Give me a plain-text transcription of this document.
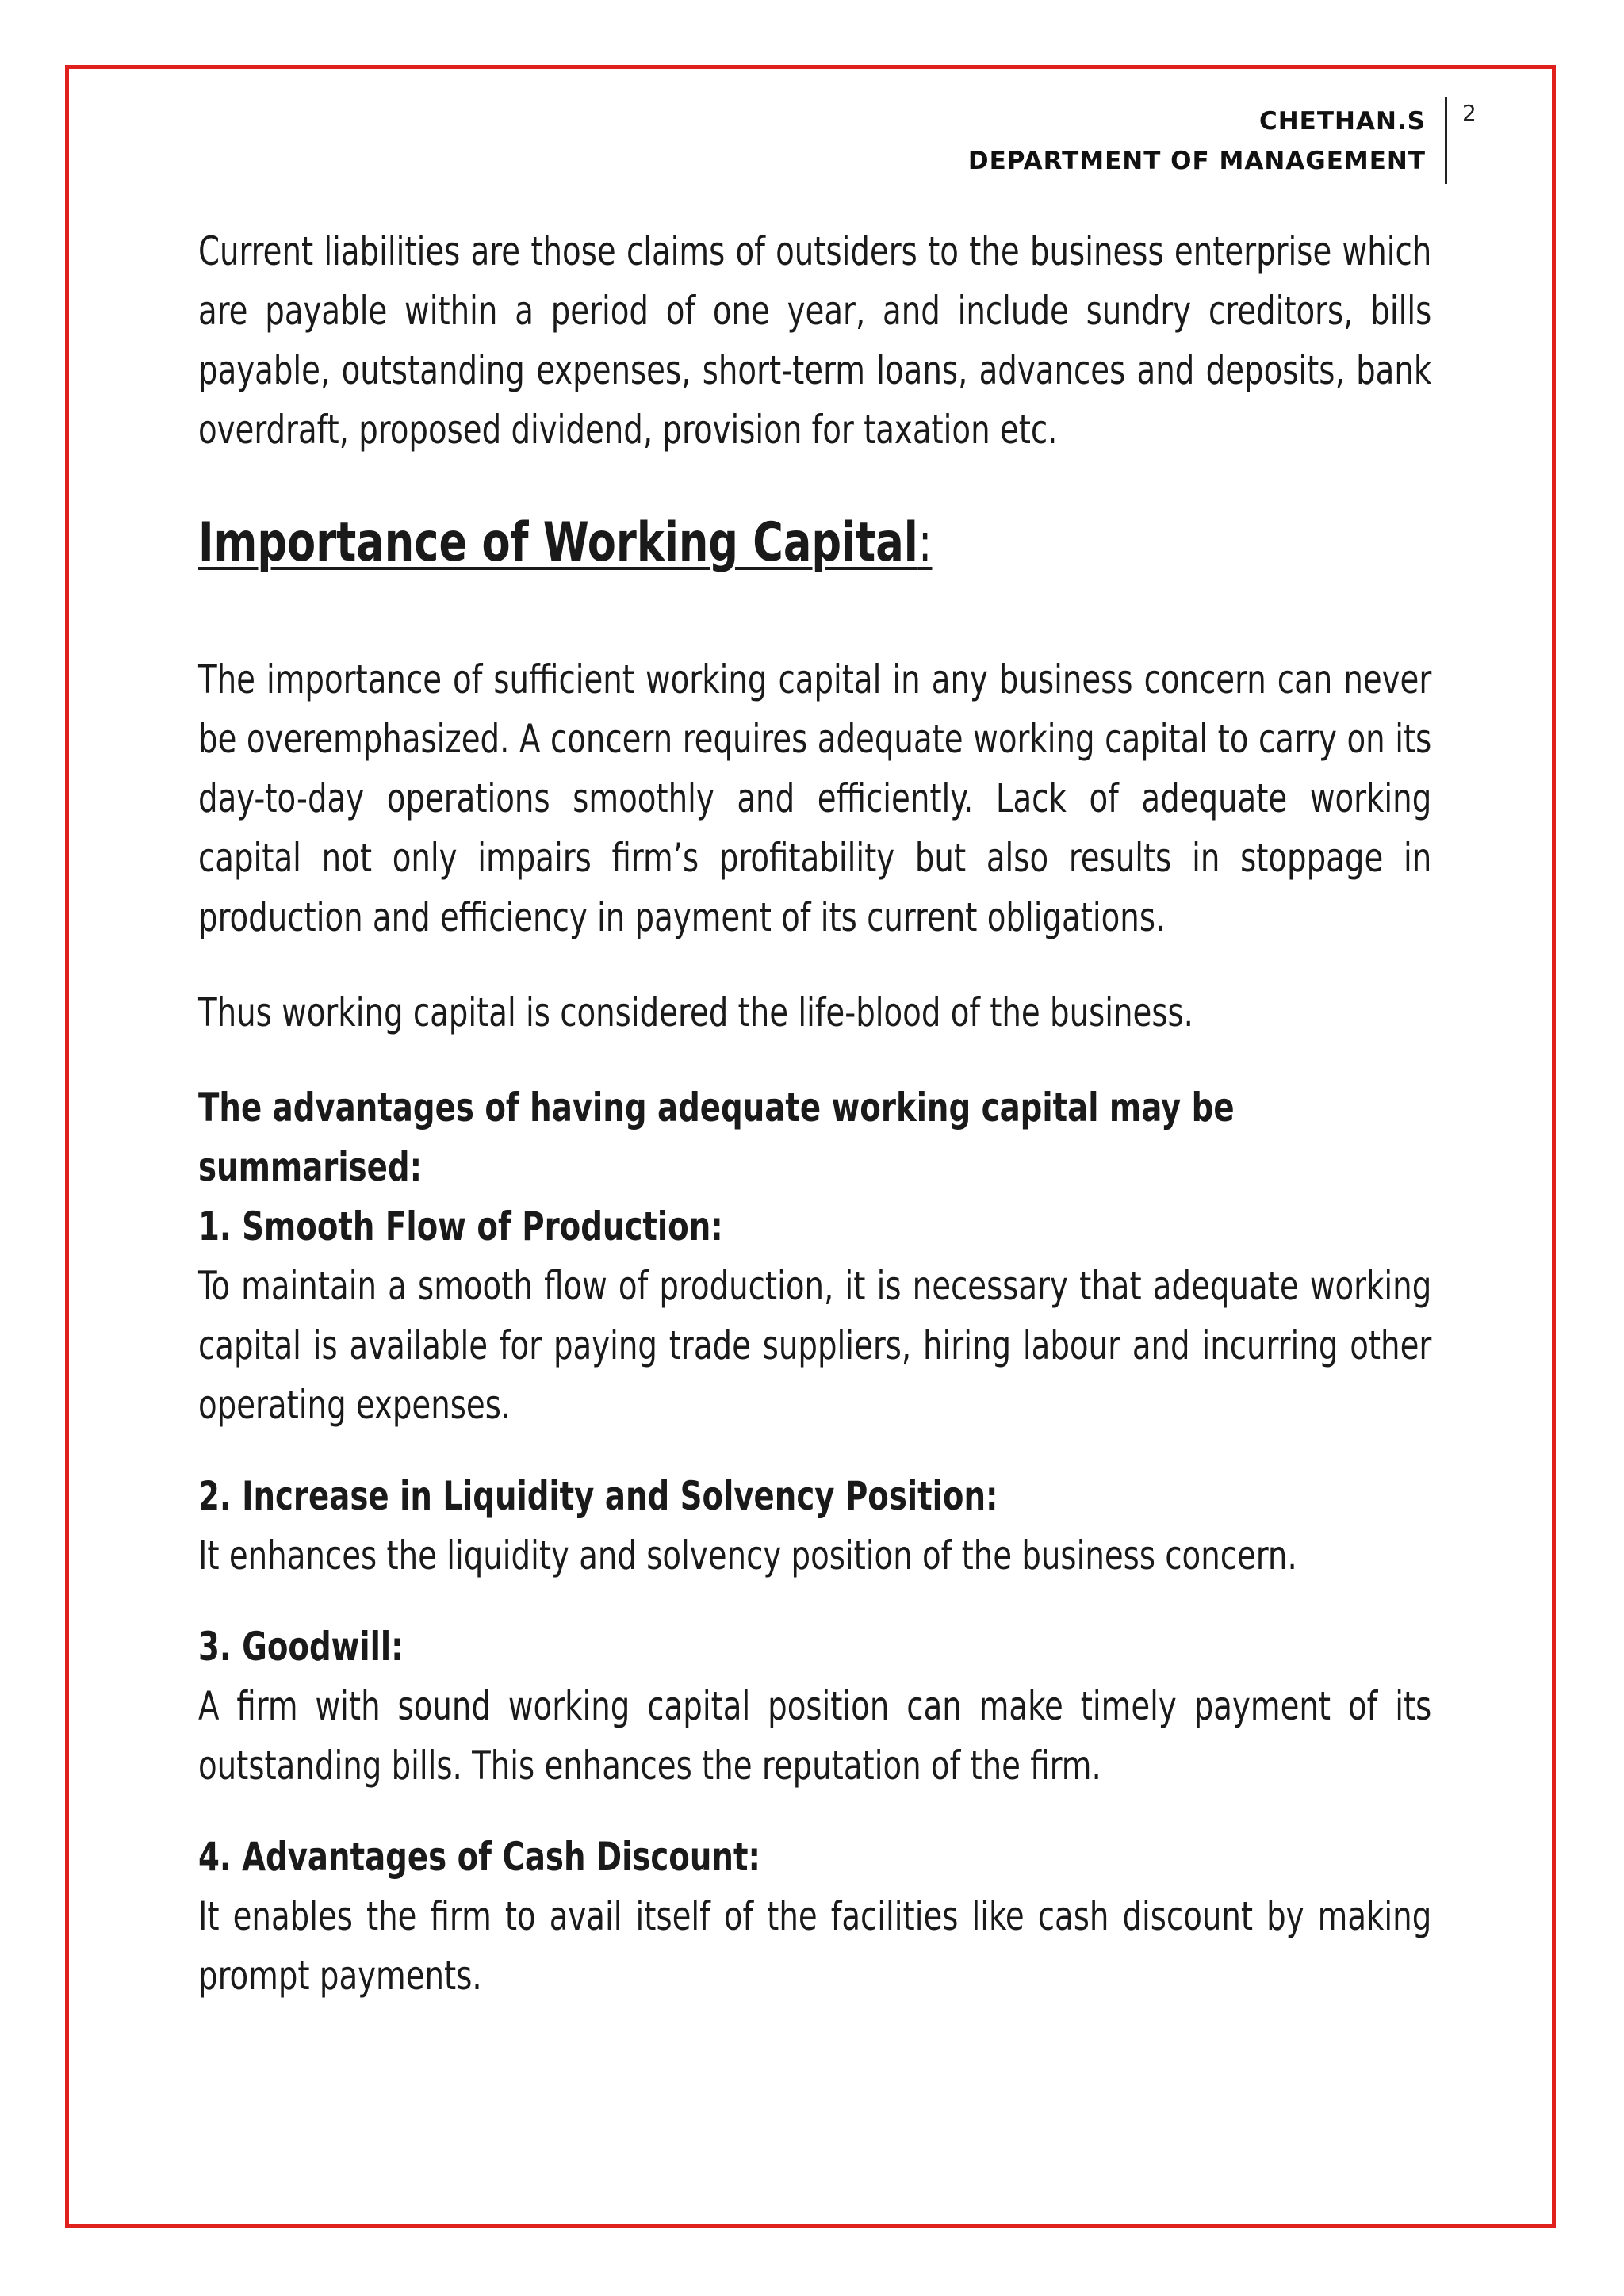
CHETHAN.S
DEPARTMENT OF MANAGEMENT
2

Current liabilities are those claims of outsiders to the business enterprise which are payable within a period of one year, and include sundry creditors, bills payable, outstanding expenses, short-term loans, advances and deposits, bank overdraft, proposed dividend, provision for taxation etc.

Importance of Working Capital:

The importance of sufficient working capital in any business concern can never be overemphasized. A concern requires adequate working capital to carry on its day-to-day operations smoothly and efficiently. Lack of adequate working capital not only impairs firm’s profitability but also results in stoppage in production and efficiency in payment of its current obligations.

Thus working capital is considered the life-blood of the business.

The advantages of having adequate working capital may be summarised:

1. Smooth Flow of Production:

To maintain a smooth flow of production, it is necessary that adequate working capital is available for paying trade suppliers, hiring labour and incurring other operating expenses.

2. Increase in Liquidity and Solvency Position:

It enhances the liquidity and solvency position of the business concern.

3. Goodwill:

A firm with sound working capital position can make timely payment of its outstanding bills. This enhances the reputation of the firm.

4. Advantages of Cash Discount:

It enables the firm to avail itself of the facilities like cash discount by making prompt payments.
